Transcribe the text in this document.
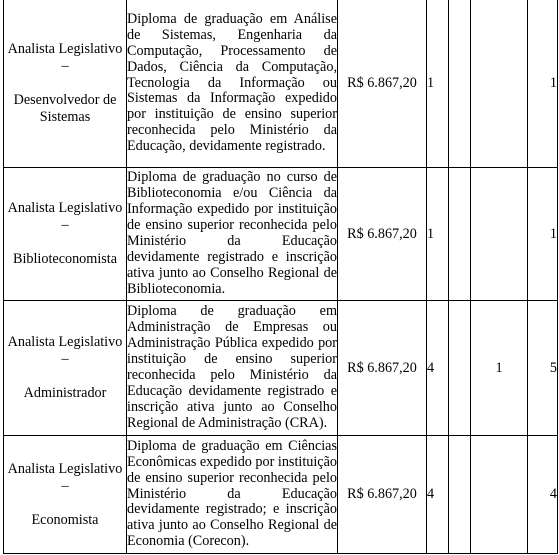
Analista Legislativo –
Desenvolvedor de Sistemas	Diploma de graduação em Análise de Sistemas, Engenharia da Computação, Processamento de Dados, Ciência da Computação, Tecnologia da Informação ou Sistemas da Informação expedido por instituição de ensino superior reconhecida pelo Ministério da Educação, devidamente registrado.	R$ 6.867,20	1			1

Analista Legislativo –
Biblioteconomista	Diploma de graduação no curso de Biblioteconomia e/ou Ciência da Informação expedido por instituição de ensino superior reconhecida pelo Ministério da Educação devidamente registrado e inscrição ativa junto ao Conselho Regional de Biblioteconomia.	R$ 6.867,20	1			1

Analista Legislativo –
Administrador	Diploma de graduação em Administração de Empresas ou Administração Pública expedido por instituição de ensino superior reconhecida pelo Ministério da Educação devidamente registrado e inscrição ativa junto ao Conselho Regional de Administração (CRA).	R$ 6.867,20	4		1	5

Analista Legislativo –
Economista	Diploma de graduação em Ciências Econômicas expedido por instituição de ensino superior reconhecida pelo Ministério da Educação devidamente registrado; e inscrição ativa junto ao Conselho Regional de Economia (Corecon).	R$ 6.867,20	4			4
